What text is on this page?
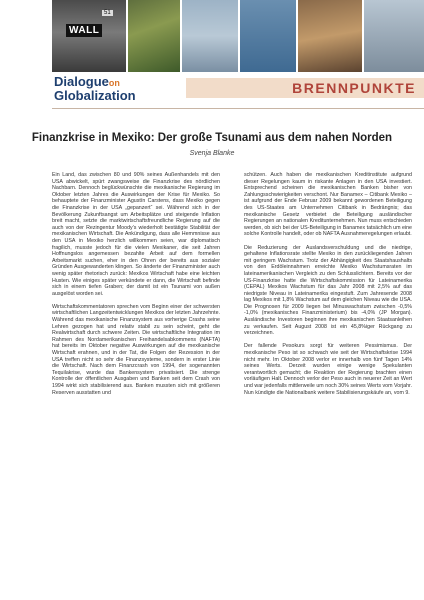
WALL
51
Dialogueon
Globalization	BRENNPUNKTE
Finanzkrise in Mexiko: Der große Tsunami aus dem nahen Norden
Svenja Blanke

Ein Land, das zwischen 80 und 90% seines Außenhandels mit den USA abwickelt, spürt zwangsweise die Finanzkrise des nördlichen Nachbarn. Dennoch beglückwünschte die mexikanische Regierung im Oktober letzten Jahres die Auswirkungen der Krise für Mexiko. So behauptete der Finanzminister Agustín Carstens, dass Mexiko gegen die Finanzkrise in der USA „gepanzert“ sei. Während sich in der Bevölkerung Zukunftsangst um Arbeitsplätze und steigende Inflation breit macht, setzte die marktwirtschaftsfreundliche Regierung auf die auch von der Rezingentur Moody’s wiederholt bestätigte Stabilität der mexikanischen Wirtschaft. Die Ankündigung, dass alle Hemmnisse aus den USA in Mexiko herzlich willkommen seien, war diplomatisch fragilich, musste jedoch für die vielen Mexikaner, die seit Jahren Hoffnungslos angemessen bezahlte Arbeit auf dem formellen Arbeitsmarkt suchen, eher in den Ohren der bereits aus sozialer Gründen Ausgewanderten klingen. So änderte der Finanzminister auch wenig später rhetorisch zurück: Mexikos Wirtschaft habe eine leichten Husten. Wie einiges später verkündete er dann, die Wirtschaft befinde sich in einem tiefen Graben; der damit ist ein Tsunami von außen ausgelöst worden sei.

Wirtschaftskommentatoren sprechen vom Beginn einer der schwersten wirtschaftlichen Langzeitentwicklungen Mexikos der letzten Jahrzehnte. Während das mexikanische Finanzsystem aus vorherige Crashs seine Lehren gezogen hat und relativ stabil zu sein scheint, geht die Realwirtschaft durch schwere Zeiten. Die wirtschaftliche Integration im Rahmen des Nordamerikanischen Freihandelsabkommens (NAFTA) hat bereits im Oktober negative Auswirkungen auf die mexikanische Wirtschaft erahnen, und in der Tat, die Folgen der Rezession in der USA treffen nicht so sehr die Finanzsysteme, sondern in erster Linie die Wirtschaft. Nach dem Finanzcrash von 1994, der sogenannten Tequilakrise, wurde das Bankensystem privatisiert. Die strenge Kontrolle der öffentlichen Ausgaben und Banken seit dem Crash von 1994 wirkt sich stabilisierend aus. Banken mussten sich mit größeren Reserven ausstatten und

schützen. Auch haben die mexikanischen Kreditinstitute aufgrund dieser Regelungen kaum in riskante Anlagen in den USA investiert. Entsprechend scheinen die mexikanischen Banken bisher von Zahlungsschwierigkeiten verschont. Nur Banamex – Citibank Mexiko – ist aufgrund der Ende Februar 2009 bekannt gewordenen Beteiligung des US-Staates am Unternehmen Citibank in Bedrängnis; das mexikanische Gesetz verbietet die Beteiligung ausländischer Regierungen an nationalen Kreditunternehmen. Nun muss entschieden werden, ob sich bei der US-Beteiligung in Banamex tatsächlich um eine solche Kontrolle handelt, oder ob NAFTA Ausnahmeregelungen erlaubt.

Die Reduzierung der Auslandsverschuldung und die niedrige, gehaltene Inflationsrate stellte Mexiko in den zurückliegenden Jahren mit geringem Wachstum. Trotz der Abhängigkeit des Staatshaushalts von den Erdöleinnahmen erreichte Mexiko Wachstumsraten im lateinamerikanischen Vergleich zu den Schlusslichtern. Bereits vor der US-Finanzkrise hatte die Wirtschaftskommission für Lateinamerika (CEPAL) Mexikos Wachstum für das Jahr 2008 mit 2,5% auf das niedrigste Niveau in Lateinamerika eingestuft. Zum Jahresende 2008 lag Mexikos mit 1,8% Wachstum auf dem gleichen Niveau wie die USA. Die Prognosen für 2009 liegen bei Minuswachstum zwischen -0,5% -1,0% (mexikanisches Finanzministerium) bis -4,0% (JP Morgan). Ausländische Investoren beginnen ihre mexikanischen Staatsanleihen zu verkaufen. Seit August 2008 ist ein 45,8%iger Rückgang zu verzeichnen.

Der fallende Pesokurs sorgt für weiteren Pessimismus. Der mexikanische Peso ist so schwach wie seit der Wirtschaftskrise 1994 nicht mehr. Im Oktober 2008 verlor er innerhalb von fünf Tagen 14% seines Werts. Derzeit wurden einige wenige Spekulanten verantwortlich gemacht; die Reaktion der Regierung brachten einen vorläufigen Halt. Dennoch verlor der Peso auch in neuerer Zeit an Wert und war jedenfalls mittlerweile um noch 30% seines Werts vom Vorjahr. Nun kündigte die Nationalbank weitere Stabilisierungskäufe an, vom 9.
